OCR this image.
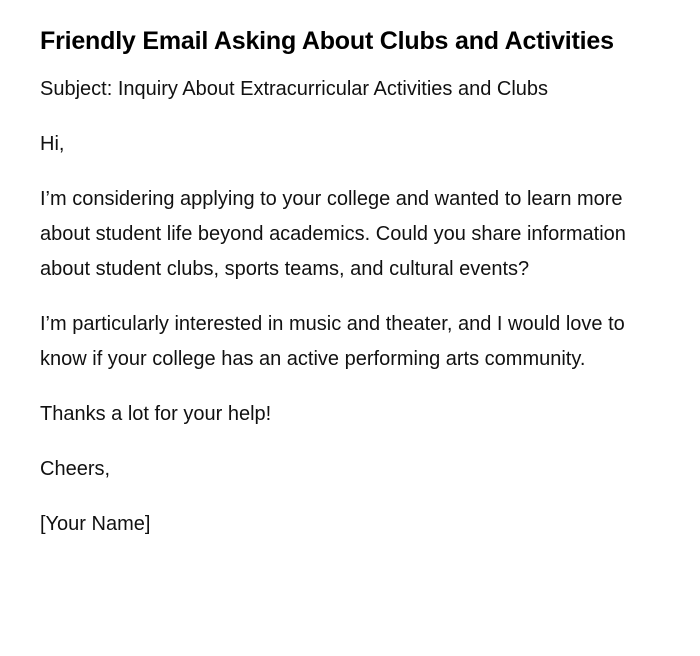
Friendly Email Asking About Clubs and Activities

Subject: Inquiry About Extracurricular Activities and Clubs

Hi,

I’m considering applying to your college and wanted to learn more about student life beyond academics. Could you share information about student clubs, sports teams, and cultural events?

I’m particularly interested in music and theater, and I would love to know if your college has an active performing arts community.

Thanks a lot for your help!

Cheers,

[Your Name]
